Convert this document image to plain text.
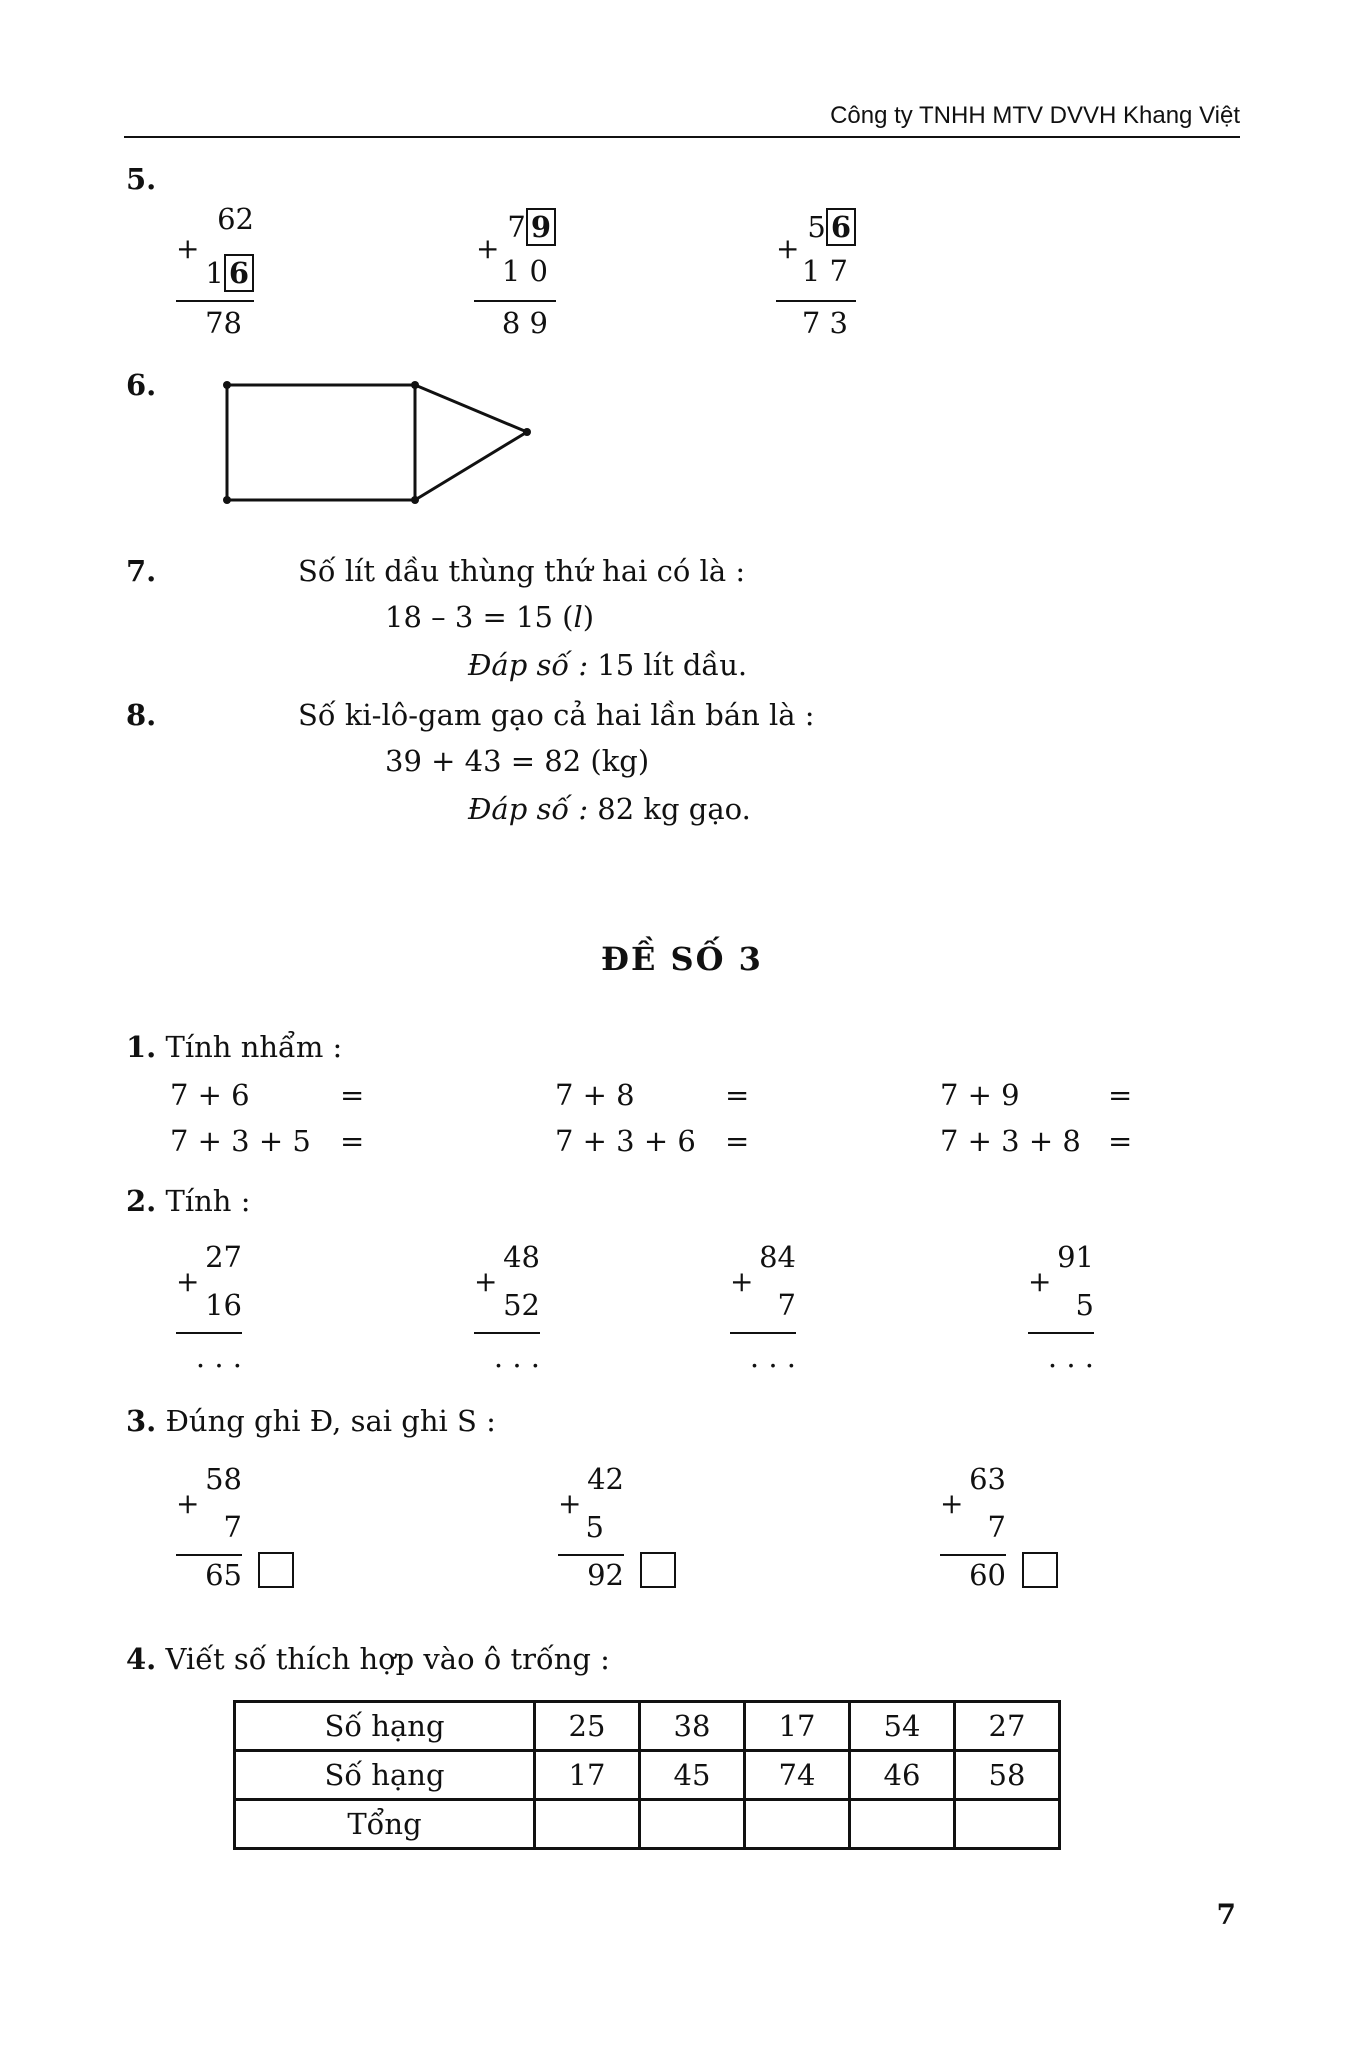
Công ty TNHH MTV DVVH Khang Việt
5.
62
+
1 6
78
7 9
+
1 0
8 9
5 6
+
1 7
7 3
6.
7.	Số lít dầu thùng thứ hai có là :
18 – 3 = 15 (l)
Đáp số : 15 lít dầu.
8.	Số ki-lô-gam gạo cả hai lần bán là :
39 + 43 = 82 (kg)
Đáp số : 82 kg gạo.
ĐỀ SỐ 3
1. Tính nhẩm :
7 + 6	=	7 + 8	=	7 + 9	=
7 + 3 + 5 =	7 + 3 + 6 =	7 + 3 + 8 =
2. Tính :
27
+
16
. . .
48
+
52
. . .
84
+
7
. . .
91
+
5
. . .
3. Đúng ghi Đ, sai ghi S :
58
+
7
65
42
+
5
92
63
+
7
60
4. Viết số thích hợp vào ô trống :
Số hạng	25	38	17	54	27
Số hạng	17	45	74	46	58
Tổng					
7
